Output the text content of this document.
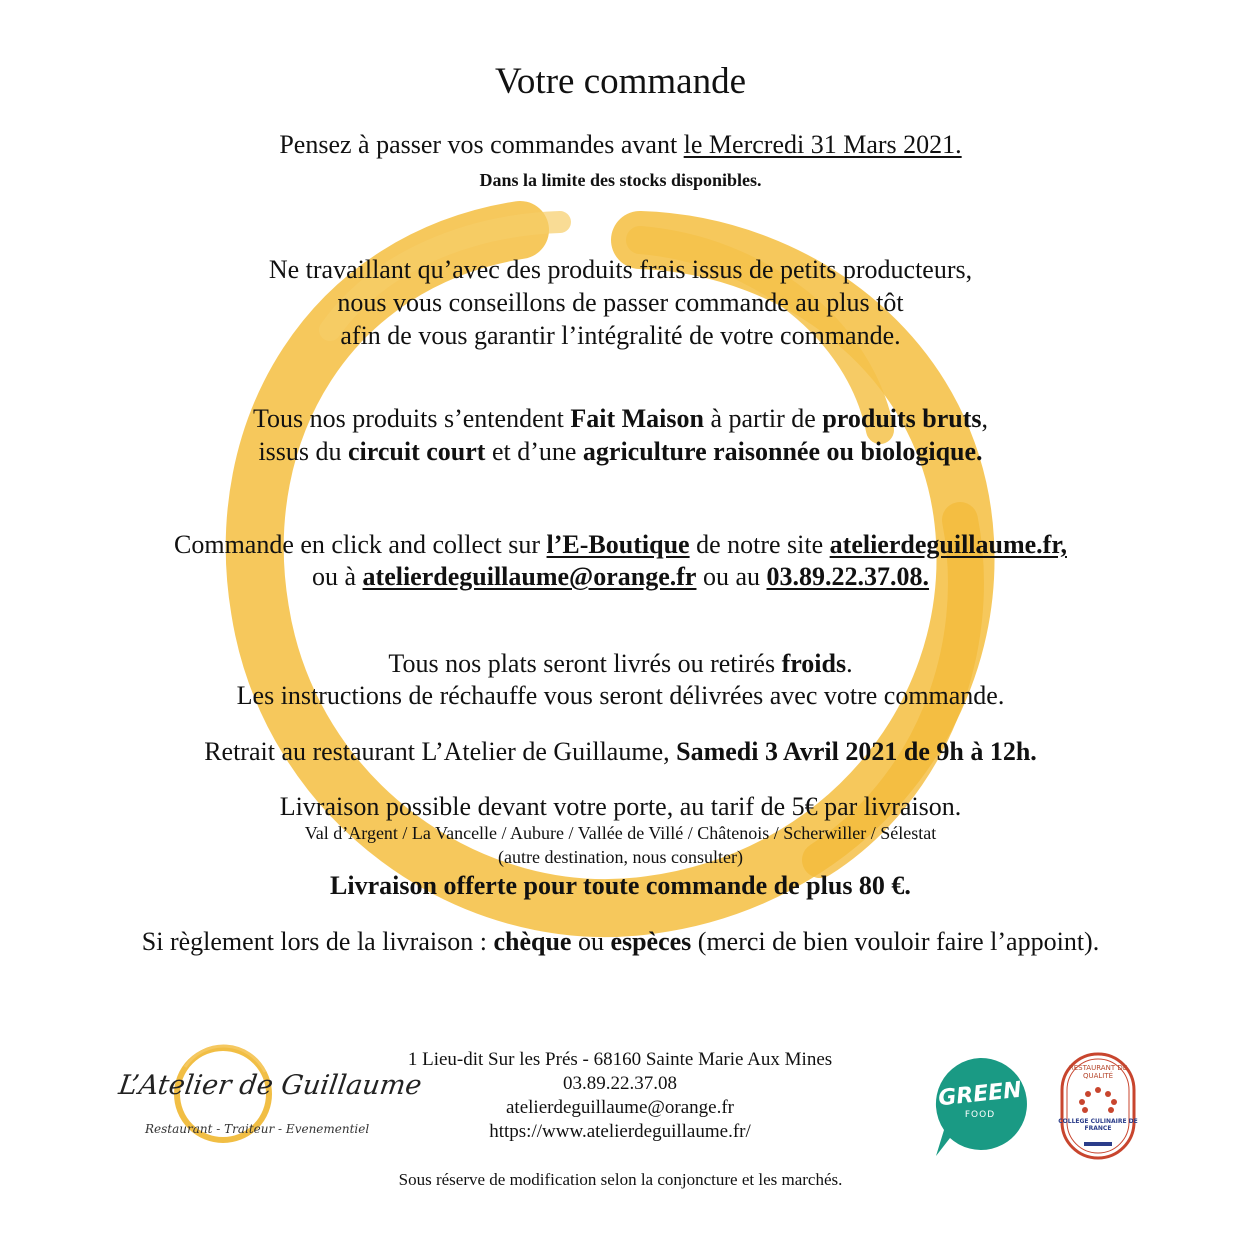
Votre commande
Pensez à passer vos commandes avant le Mercredi 31 Mars 2021.
Dans la limite des stocks disponibles.
Ne travaillant qu’avec des produits frais issus de petits producteurs,
nous vous conseillons de passer commande au plus tôt
afin de vous garantir l’intégralité de votre commande.
Tous nos produits s’entendent Fait Maison à partir de produits bruts,
issus du circuit court et d’une agriculture raisonnée ou biologique.
Commande en click and collect sur l’E-Boutique de notre site atelierdeguillaume.fr,
ou à atelierdeguillaume@orange.fr ou au 03.89.22.37.08.
Tous nos plats seront livrés ou retirés froids.
Les instructions de réchauffe vous seront délivrées avec votre commande.
Retrait au restaurant L’Atelier de Guillaume, Samedi 3 Avril 2021 de 9h à 12h.
Livraison possible devant votre porte, au tarif de 5€ par livraison.
Val d’Argent / La Vancelle / Aubure / Vallée de Villé / Châtenois / Scherwiller / Sélestat
(autre destination, nous consulter)
Livraison offerte pour toute commande de plus 80 €.
Si règlement lors de la livraison : chèque ou espèces (merci de bien vouloir faire l’appoint).
L’Atelier de Guillaume
Restaurant - Traiteur - Evenementiel
1 Lieu-dit Sur les Prés - 68160 Sainte Marie Aux Mines
03.89.22.37.08
atelierdeguillaume@orange.fr
https://www.atelierdeguillaume.fr/
GREEN
FOOD
RESTAURANT DE QUALITÉ
COLLEGE CULINAIRE DE FRANCE
Sous réserve de modification selon la conjoncture et les marchés.
